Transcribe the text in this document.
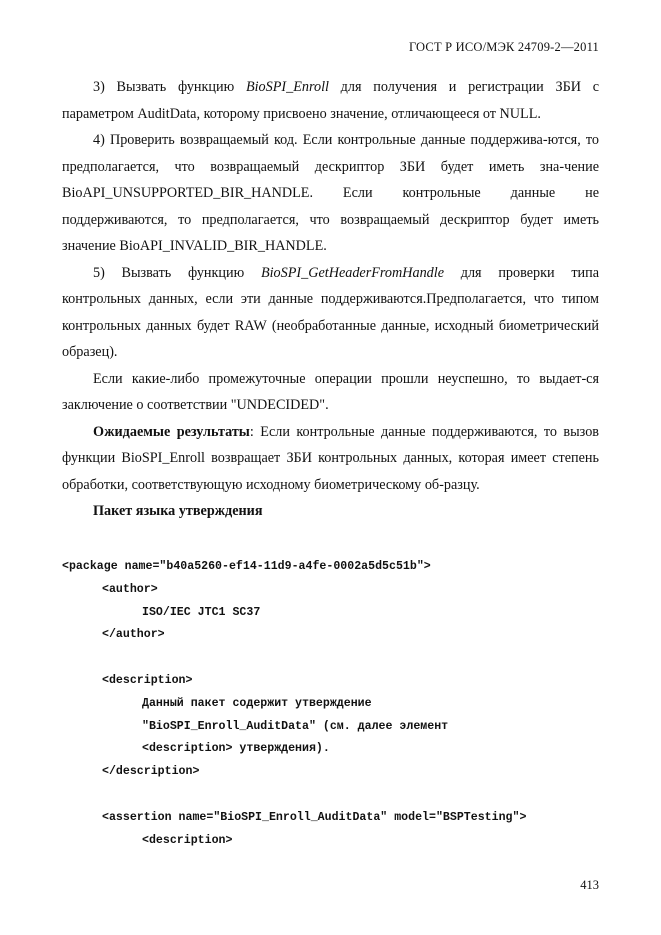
ГОСТ Р ИСО/МЭК 24709-2—2011

3) Вызвать функцию BioSPI_Enroll для получения и регистрации ЗБИ с параметром AuditData, которому присвоено значение, отличающееся от NULL.

4) Проверить возвращаемый код. Если контрольные данные поддержива-ются, то предполагается, что возвращаемый дескриптор ЗБИ будет иметь зна-чение BioAPI_UNSUPPORTED_BIR_HANDLE. Если контрольные данные не поддерживаются, то предполагается, что возвращаемый дескриптор будет иметь значение BioAPI_INVALID_BIR_HANDLE.

5) Вызвать функцию BioSPI_GetHeaderFromHandle для проверки типа контрольных данных, если эти данные поддерживаются.Предполагается, что типом контрольных данных будет RAW (необработанные данные, исходный биометрический образец).

Если какие-либо промежуточные операции прошли неуспешно, то выдает-ся заключение о соответствии "UNDECIDED".

Ожидаемые результаты: Если контрольные данные поддерживаются, то вызов функции BioSPI_Enroll возвращает ЗБИ контрольных данных, которая имеет степень обработки, соответствующую исходному биометрическому об-разцу.

Пакет языка утверждения

<package name="b40a5260-ef14-11d9-a4fe-0002a5d5c51b">
<author>
ISO/IEC JTC1 SC37
</author>
<description>
Данный пакет содержит утверждение
"BioSPI_Enroll_AuditData" (см. далее элемент
<description> утверждения).
</description>
<assertion name="BioSPI_Enroll_AuditData" model="BSPTesting">
<description>
413
